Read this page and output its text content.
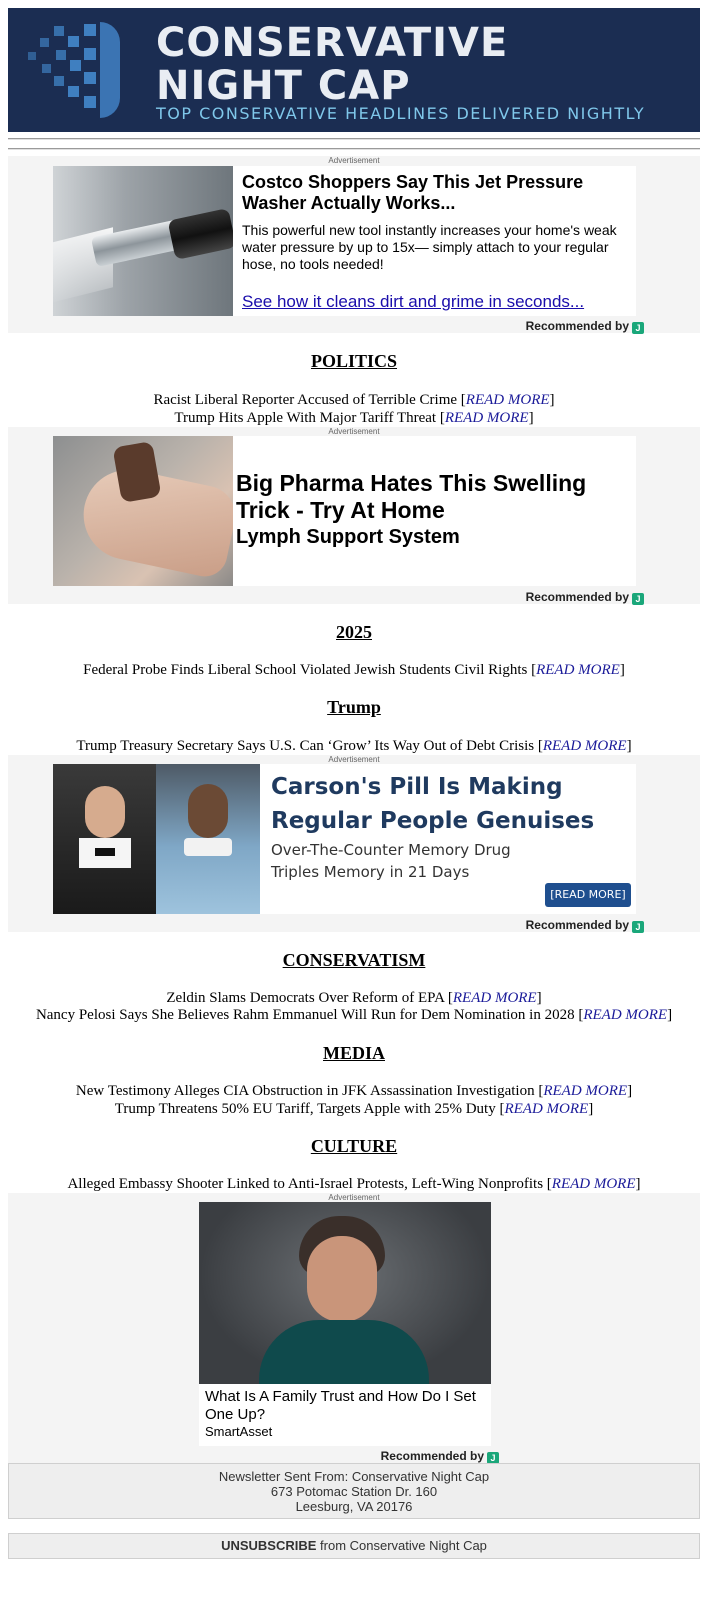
CONSERVATIVE
NIGHT CAP
TOP CONSERVATIVE HEADLINES DELIVERED NIGHTLY
Advertisement
Costco Shoppers Say This Jet Pressure Washer Actually Works...
This powerful new tool instantly increases your home's weak water pressure by up to 15x— simply attach to your regular hose, no tools needed!
See how it cleans dirt and grime in seconds...
Recommended by J
POLITICS
Racist Liberal Reporter Accused of Terrible Crime [READ MORE]
Trump Hits Apple With Major Tariff Threat [READ MORE]
Advertisement
Big Pharma Hates This Swelling
Trick - Try At Home
Lymph Support System
Recommended by J
2025
Federal Probe Finds Liberal School Violated Jewish Students Civil Rights [READ MORE]
Trump
Trump Treasury Secretary Says U.S. Can ‘Grow’ Its Way Out of Debt Crisis [READ MORE]
Advertisement
Carson's Pill Is Making Regular People Genuises
Over-The-Counter Memory Drug
Triples Memory in 21 Days
[READ MORE]
Recommended by J
CONSERVATISM
Zeldin Slams Democrats Over Reform of EPA [READ MORE]
Nancy Pelosi Says She Believes Rahm Emmanuel Will Run for Dem Nomination in 2028 [READ MORE]
MEDIA
New Testimony Alleges CIA Obstruction in JFK Assassination Investigation [READ MORE]
Trump Threatens 50% EU Tariff, Targets Apple with 25% Duty [READ MORE]
CULTURE
Alleged Embassy Shooter Linked to Anti-Israel Protests, Left-Wing Nonprofits [READ MORE]
Advertisement
What Is A Family Trust and How Do I Set One Up?
SmartAsset
Recommended by J
Newsletter Sent From: Conservative Night Cap
673 Potomac Station Dr. 160
Leesburg, VA 20176
UNSUBSCRIBE from Conservative Night Cap
